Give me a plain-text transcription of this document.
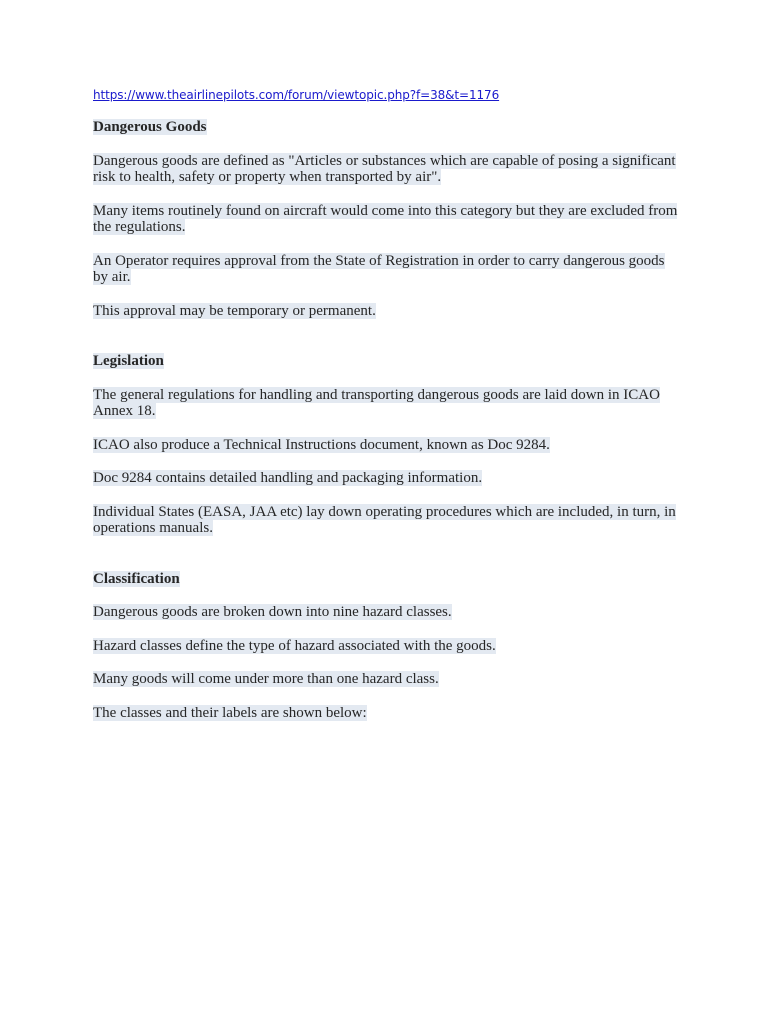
https://www.theairlinepilots.com/forum/viewtopic.php?f=38&t=1176

Dangerous Goods

Dangerous goods are defined as "Articles or substances which are capable of posing a significant risk to health, safety or property when transported by air".

Many items routinely found on aircraft would come into this category but they are excluded from the regulations.

An Operator requires approval from the State of Registration in order to carry dangerous goods by air.

This approval may be temporary or permanent.

Legislation

The general regulations for handling and transporting dangerous goods are laid down in ICAO Annex 18.

ICAO also produce a Technical Instructions document, known as Doc 9284.

Doc 9284 contains detailed handling and packaging information.

Individual States (EASA, JAA etc) lay down operating procedures which are included, in turn, in operations manuals.

Classification

Dangerous goods are broken down into nine hazard classes.

Hazard classes define the type of hazard associated with the goods.

Many goods will come under more than one hazard class.

The classes and their labels are shown below:
